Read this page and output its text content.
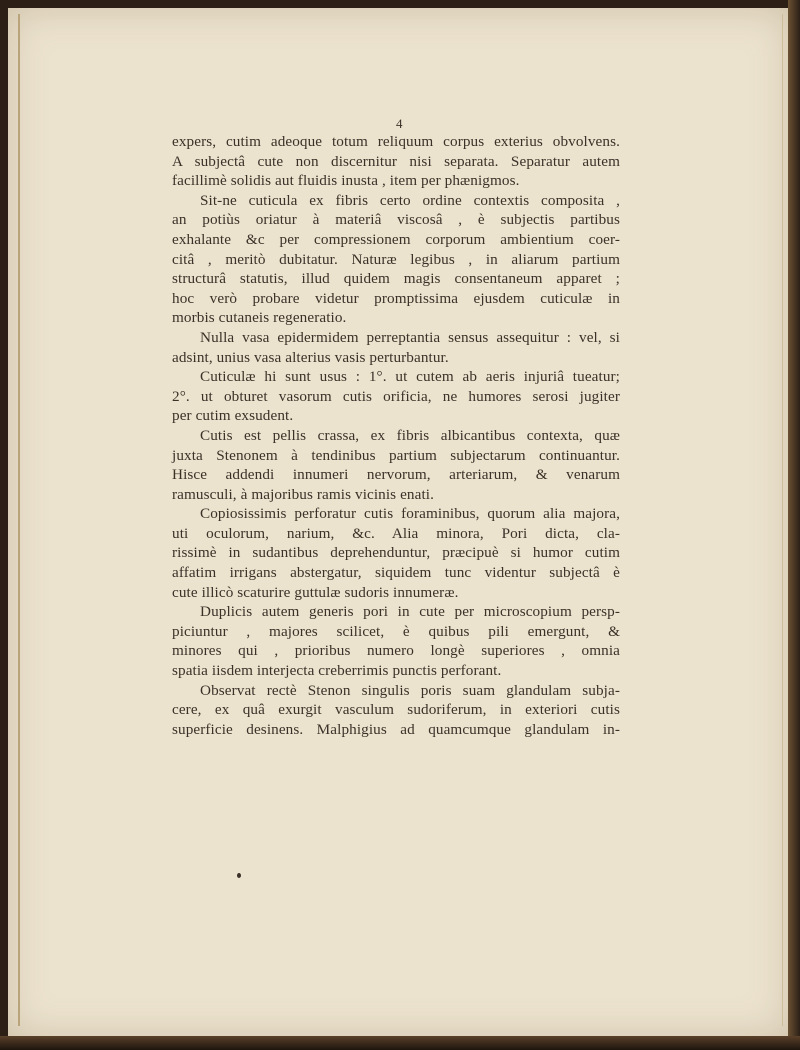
4
expers, cutim adeoque totum reliquum corpus exterius obvolvens.
A subjectâ cute non discernitur nisi separata. Separatur autem
facillimè solidis aut fluidis inusta , item per phænigmos.
Sit-ne cuticula ex fibris certo ordine contextis composita ,
an potiùs oriatur à materiâ viscosâ , è subjectis partibus
exhalante &c per compressionem corporum ambientium coer-
citâ , meritò dubitatur. Naturæ legibus , in aliarum partium
structurâ statutis, illud quidem magis consentaneum apparet ;
hoc verò probare videtur promptissima ejusdem cuticulæ in
morbis cutaneis regeneratio.
Nulla vasa epidermidem perreptantia sensus assequitur : vel, si
adsint, unius vasa alterius vasis perturbantur.
Cuticulæ hi sunt usus : 1°. ut cutem ab aeris injuriâ tueatur;
2°. ut obturet vasorum cutis orificia, ne humores serosi jugiter
per cutim exsudent.
Cutis est pellis crassa, ex fibris albicantibus contexta, quæ
juxta Stenonem à tendinibus partium subjectarum continuantur.
Hisce addendi innumeri nervorum, arteriarum, & venarum
ramusculi, à majoribus ramis vicinis enati.
Copiosissimis perforatur cutis foraminibus, quorum alia majora,
uti oculorum, narium, &c. Alia minora, Pori dicta, cla-
rissimè in sudantibus deprehenduntur, præcipuè si humor cutim
affatim irrigans abstergatur, siquidem tunc videntur subjectâ è
cute illicò scaturire guttulæ sudoris innumeræ.
Duplicis autem generis pori in cute per microscopium persp-
piciuntur , majores scilicet, è quibus pili emergunt, &
minores qui , prioribus numero longè superiores , omnia
spatia iisdem interjecta creberrimis punctis perforant.
Observat rectè Stenon singulis poris suam glandulam subja-
cere, ex quâ exurgit vasculum sudoriferum, in exteriori cutis
superficie desinens. Malphigius ad quamcumque glandulam in-
